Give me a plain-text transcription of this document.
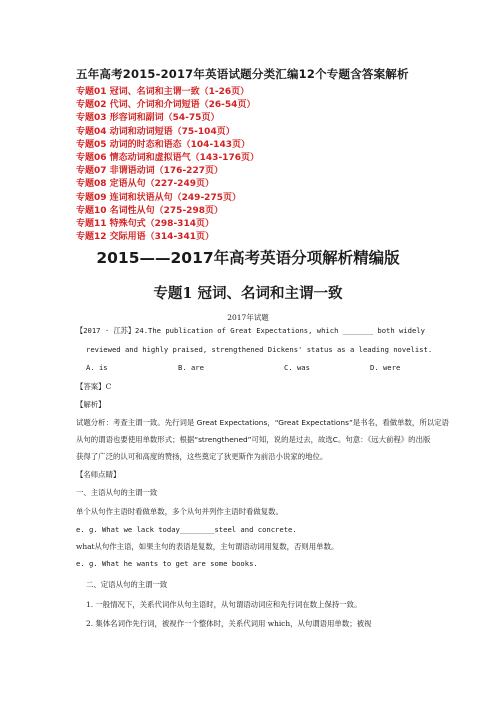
五年高考2015-2017年英语试题分类汇编12个专题含答案解析
专题01 冠词、名词和主谓一致（1-26页）
专题02 代词、介词和介词短语（26-54页）
专题03 形容词和副词（54-75页）
专题04 动词和动词短语（75-104页）
专题05 动词的时态和语态（104-143页）
专题06 情态动词和虚拟语气（143-176页）
专题07 非谓语动词（176-227页）
专题08 定语从句（227-249页）
专题09 连词和状语从句（249-275页）
专题10 名词性从句（275-298页）
专题11 特殊句式（298-314页）
专题12 交际用语（314-341页）
2015——2017年高考英语分项解析精编版
专题1 冠词、名词和主谓一致
2017年试题
【2017 · 江苏】24.The publication of Great Expectations, which _______ both widely
reviewed and highly praised, strengthened Dickens' status as a leading novelist.
A. is	B. are	C. was	D. were
【答案】C
【解析】
试题分析：考查主谓一致。先行词是 Great Expectations，“Great Expectations”是书名，看做单数，所以定语
从句的谓语也要使用单数形式；根据“strengthened”可知，说的是过去，故选C。句意：《远大前程》的出版
获得了广泛的认可和高度的赞扬，这些奠定了狄更斯作为前沿小说家的地位。
【名师点睛】
一、主语从句的主谓一致
单个从句作主语时看做单数，多个从句并列作主语时看做复数。
e. g. What we lack today________steel and concrete.
what从句作主语，如果主句的表语是复数，主句谓语动词用复数，否则用单数。
e. g. What he wants to get are some books.
二、定语从句的主谓一致
1. 一般情况下，关系代词作从句主语时，从句谓语动词应和先行词在数上保持一致。
2. 集体名词作先行词，被视作一个整体时，关系代词用 which，从句谓语用单数；被视
